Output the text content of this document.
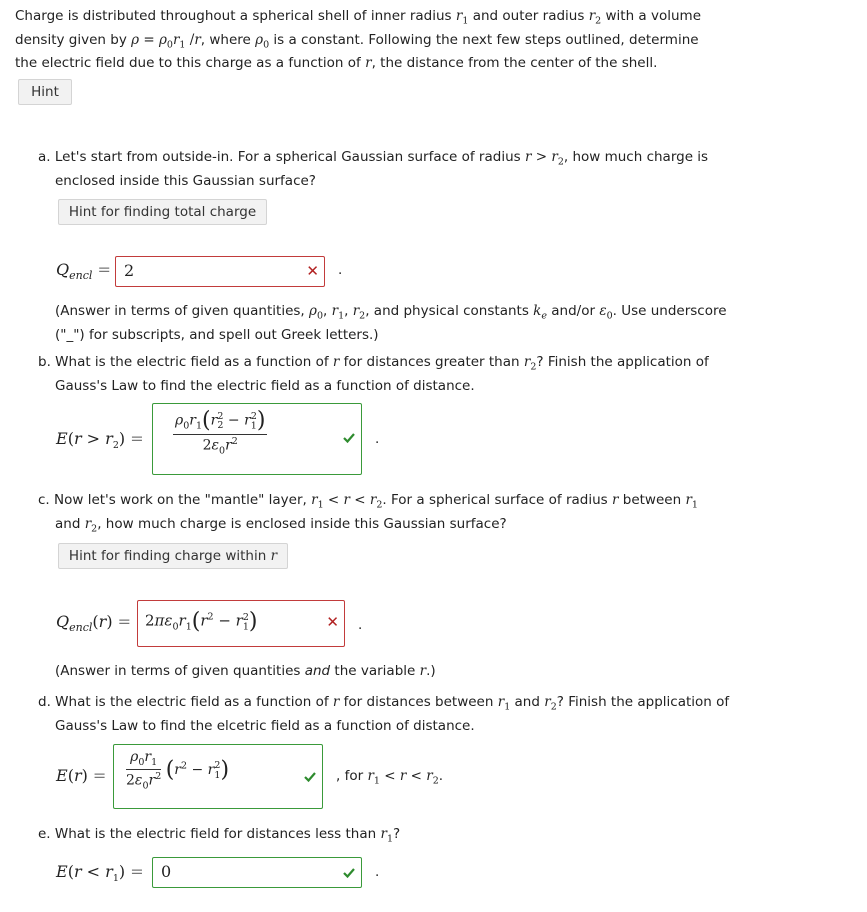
Charge is distributed throughout a spherical shell of inner radius $r_1$ and outer radius $r_2$ with a volume
density given by $\rho = \rho_0r_1$ /r, where $\rho_0$ is a constant. Following the next few steps outlined, determine
the electric field due to this charge as a function of r, the distance from the center of the shell.
Hint
a. Let's start from outside-in. For a spherical Gaussian surface of radius $r > r_2$, how much charge is
enclosed inside this Gaussian surface?
Hint for finding total charge
$Q_{encl} = 2$	✕ .
(Answer in terms of given quantities, $\rho_0$, $r_1$, $r_2$, and physical constants $k_e$ and/or $\varepsilon_0$. Use underscore
("_") for subscripts, and spell out Greek letters.)
b. What is the electric field as a function of r for distances greater than $r_2$? Finish the application of
Gauss's Law to find the electric field as a function of distance.
$E(r > r_2) = \frac{\rho_0r_1(r_2^2 - r_1^2)}{2\varepsilon_0r^2}$	.
c. Now let's work on the "mantle" layer, $r_1 < r < r_2$. For a spherical surface of radius r between $r_1$
and $r_2$, how much charge is enclosed inside this Gaussian surface?
Hint for finding charge within
r
$Q_{encl}(r) = 2\pi\varepsilon_0r_1(r^2 - r_1^2)$	✕ .
(Answer in terms of given quantities and the variable r.)
d. What is the electric field as a function of r for distances between $r_1$ and $r_2$? Finish the application of
Gauss's Law to find the elcetric field as a function of distance.
$E(r) = \frac{\rho_0r_1}{2\varepsilon_0r^2} (r^2 - r_1^2)$	, for $r_1 < r < r_2$.
e. What is the electric field for distances less than $r_1$?
$E(r < r_1) = 0$	.
